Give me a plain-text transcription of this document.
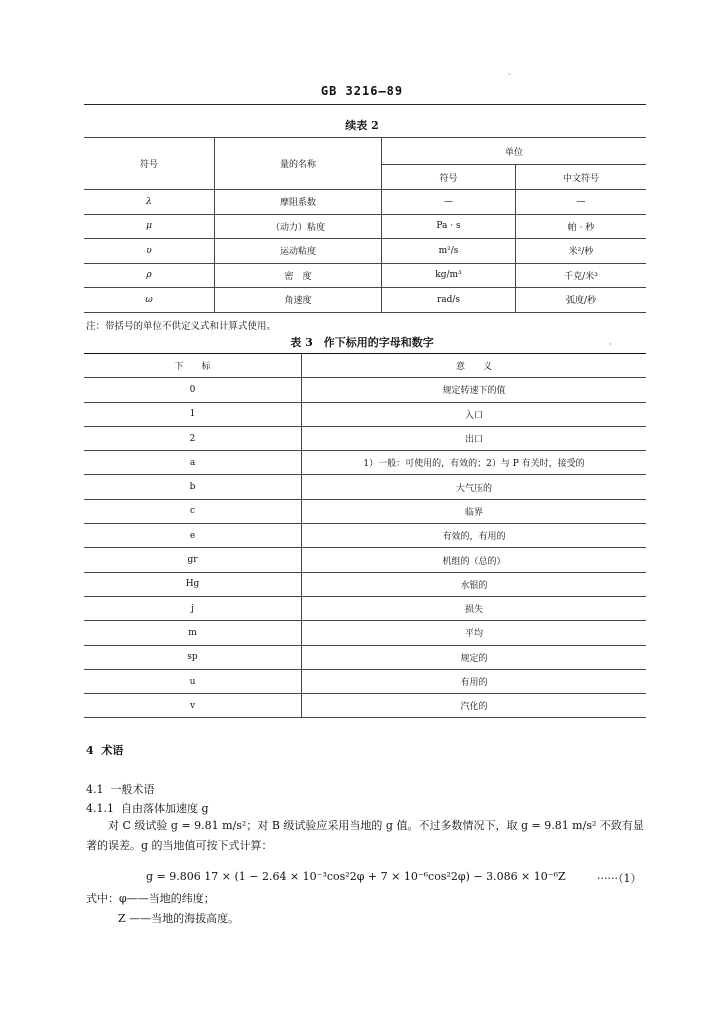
·
·
GB 3216—89
续表 2
符号	量的名称	单位	
		符号	中文符号
λ	摩阻系数	—	—
μ	（动力）粘度	Pa · s	帕 · 秒
υ	运动粘度	m²/s	米²/秒
ρ	密　度	kg/m³	千克/米³
ω	角速度	rad/s	弧度/秒
注：带括号的单位不供定义式和计算式使用。
表 3　作下标用的字母和数字
下　　标	意　　义
0	规定转速下的值
1	入口
2	出口
a	1）一般：可使用的，有效的；2）与 P 有关时，接受的
b	大气压的
c	临界
e	有效的，有用的
gr	机组的（总的）
Hg	水银的
j	损失
m	平均
sp	规定的
u	有用的
v	汽化的
4 术语
4.1 一般术语
4.1.1 自由落体加速度 g
对 C 级试验 g = 9.81 m/s²；对 B 级试验应采用当地的 g 值。不过多数情况下，取 g = 9.81 m/s² 不致有显著的误差。g 的当地值可按下式计算：
g = 9.806 17 × (1 − 2.64 × 10⁻³cos²2φ + 7 × 10⁻⁶cos²2φ) − 3.086 × 10⁻⁶Z	······（1）
式中：φ——当地的纬度；
Z ——当地的海拔高度。
